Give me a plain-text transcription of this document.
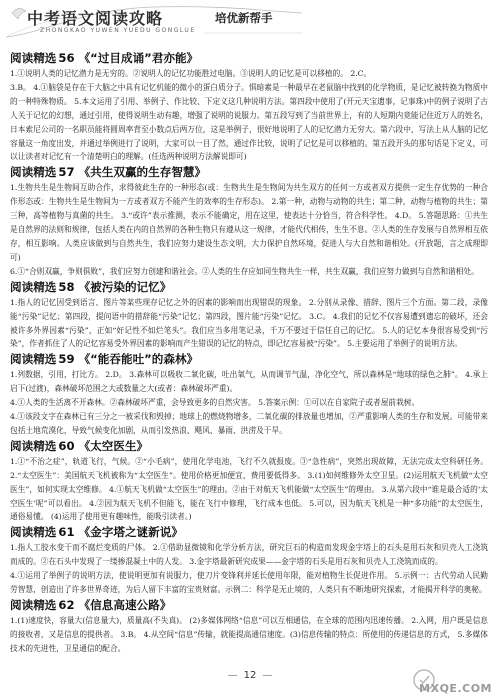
中考语文阅读攻略
ZHONGKAO YUWEN YUEDU GONGLUE
培优新帮手
阅读精选 56 《“过目成诵”君亦能》

1.①说明人类的记忆潜力是无穷的。②说明人的记忆功能胜过电脑。③说明人的记忆是可以移植的。 2.C。

3.B。 4.①脑袋是存在于大脑之中具有记忆机能的微小的蛋白质分子。惧暗素是一种最早在老鼠脑中找到的化学物质，是记忆被转换为物质中的一种特殊物质。 5.本文运用了引用、举例子、作比较、下定义这几种说明方法。第四段中使用了(开元天宝遗事，记事珠)中的例子说明了古人关于记忆的幻想，通过引用，使得说明生动有趣，增强了说明的说服力。第五段写到了当前世界上，有的人短期内竟能记住近万人的姓名，日本索尼公司的一名职员能将圆周率背至小数点后两万位，这是举例子，很好地说明了人的记忆潜力无穷大。第六段中，写法上从人脑的记忆容量这一角度出发，并通过举例进行了说明，大家可以一目了然，通过作比较，说明了记忆是可以移植的。第五段开头的那句话是下定义，可以让读者对记忆有一个清楚明白的理解。(任选两种说明方法解说即可)

阅读精选 57 《共生双赢的生存智慧》

1.生物共生是生物间互助合作，求得彼此生存的一种形态(或：生物共生是生物间为共生双方的任何一方或者双方提供一定生存优势的一种合作形态或：生物共生是生物间为一方或者双方不能产生的效率的生存形态)。 2.第一种，动物与动物的共生；第二种，动物与植物的共生；第三种，高等植物与真菌的共生。 3.“或许”表示推测，表示不能确定，用在这里，使表达十分恰当，符合科学性。 4.D。 5.答题思路：①共生是自然界的法则和规律，包括人类在内的自然界的各种生物只有遵从这一规律，才能代代相传，生生不息。②人类的生存发展与自然界相互依存，相互影响。人类应该做到与自然共生，我们应努力建设生态文明，大力保护自然环境，促进人与大自然和谐相处。(开放题，言之成理即可)

6.①“合则双赢，争则俱败”，我们应努力创建和谐社会。②人类的生存应如同生物共生一样，共生双赢，我们应努力做到与自然和谐相处。

阅读精选 58 《被污染的记忆》

1.指人的记忆因受到语言、图片等某些现存记忆之外的因素的影响而出现错误的现象。 2.分别从录像、措辞、图片三个方面。第二段，录像能“污染”记忆；第四段，提问语中的措辞能“污染”记忆；第四段，图片能“污染”记忆。 3.C。 4.我们的记忆不仅容易遭到遗忘的破坏，还会被许多外界因素“污染”，正如“好记性不如烂笔头”。我们应当多用笔记录，千万不要过于信任自己的记忆。 5.人的记忆本身很容易受到“污染”，作者抓住了人的记忆容易受外界因素的影响而产生错误的记忆的特点，即记忆容易被“污染”。 5.主要运用了举例子的说明方法。

阅读精选 59 《“能吞能吐”的森林》

1.列数据，引用，打比方。 2.D。 3.森林可以吸收二氧化碳，吐出氧气，从而调节气温，净化空气，所以森林是“地球的绿色之肺”。 4.承上启下(过渡)，森林破坏范围之大或数量之大(或者：森林破坏严重)。

4.①人类的生活离不开森林。②森林破坏严重，会导致更多的自然灾害。 5.答案示例：①可以在自家院子或者屋前栽树。

4.①该段文字在森林已有三分之一被采伐和毁掉；地球上的燃烧物增多，二氧化碳的排放量也增加，②严重影响人类的生存和发展。可能带来包括土地荒漠化，导致气候变化加剧，从而引发热浪、飓风、暴雨、洪涝及干旱。

阅读精选 60 《太空医生》

1.①“不治之症”，轨道飞行，气候。②“小毛病”，使用化学电池，飞行不久就报废。③“急性病”，突然出现故障，无法完成太空科研任务。 2.“太空医生”：美国航天飞机被称为“太空医生”。使用价格更加便宜，费用要低得多。 3.(1)如何维修外太空卫星。(2)运用航天飞机做“太空医生”，如何实现太空维修。 4.①航天飞机做“太空医生”的理由。②由于对航天飞机能做“太空医生”的理由。 3.从第六段中“谁是最合适的‘太空医生’呢”可以看出。 4.②因为航天飞机不但能飞，能在飞行中修理，飞行成本也低。 5.可以，因为航天飞机是一种“多功能”的太空医生，通俗易懂。 (4)运用了使用更有趣味性，能吸引读者。)

阅读精选 61 《金字塔之谜新说》

1.指人工胶水变干而不腐烂变质的尸体。 2.①借助显微镜和化学分析方法，研究巨石的构造而发现金字塔上的石头是用石灰和贝壳人工浇筑而成的。②在石头中发现了一缕掺混凝土中的人发。 3.金字塔最新研究成果——金字塔的石头是用石灰和贝壳人工浇筑而成的。

4.①运用了举例子的说明方法，使说明更加有说服力，使刀片变锋利并延长使用年限，能对植物生长促进作用。 5.示例一：古代劳动人民勤劳智慧，创造出了许多世界奇迹，为后人留下丰富的宝贵财富。示例二：科学是无止境的，人类只有不断地研究探索，才能揭开科学的奥秘。

阅读精选 62 《信息高速公路》

1.(1)速度快，容量大(信息量大)，质量高(不失真)。 (2)多媒体网络“信息”可以互相通信，在全球的范围内迅速传播。 2.入网，用户既是信息的接收者，又是信息的提供者。 3.B。 4.从空间“信息”传输，就能提高通信速度。(3)信息传输的特点：所使用的传递信息的方式， 5.多媒体技术的先进性，卫星通信的配合。

— 12 —
MXQE.COM
